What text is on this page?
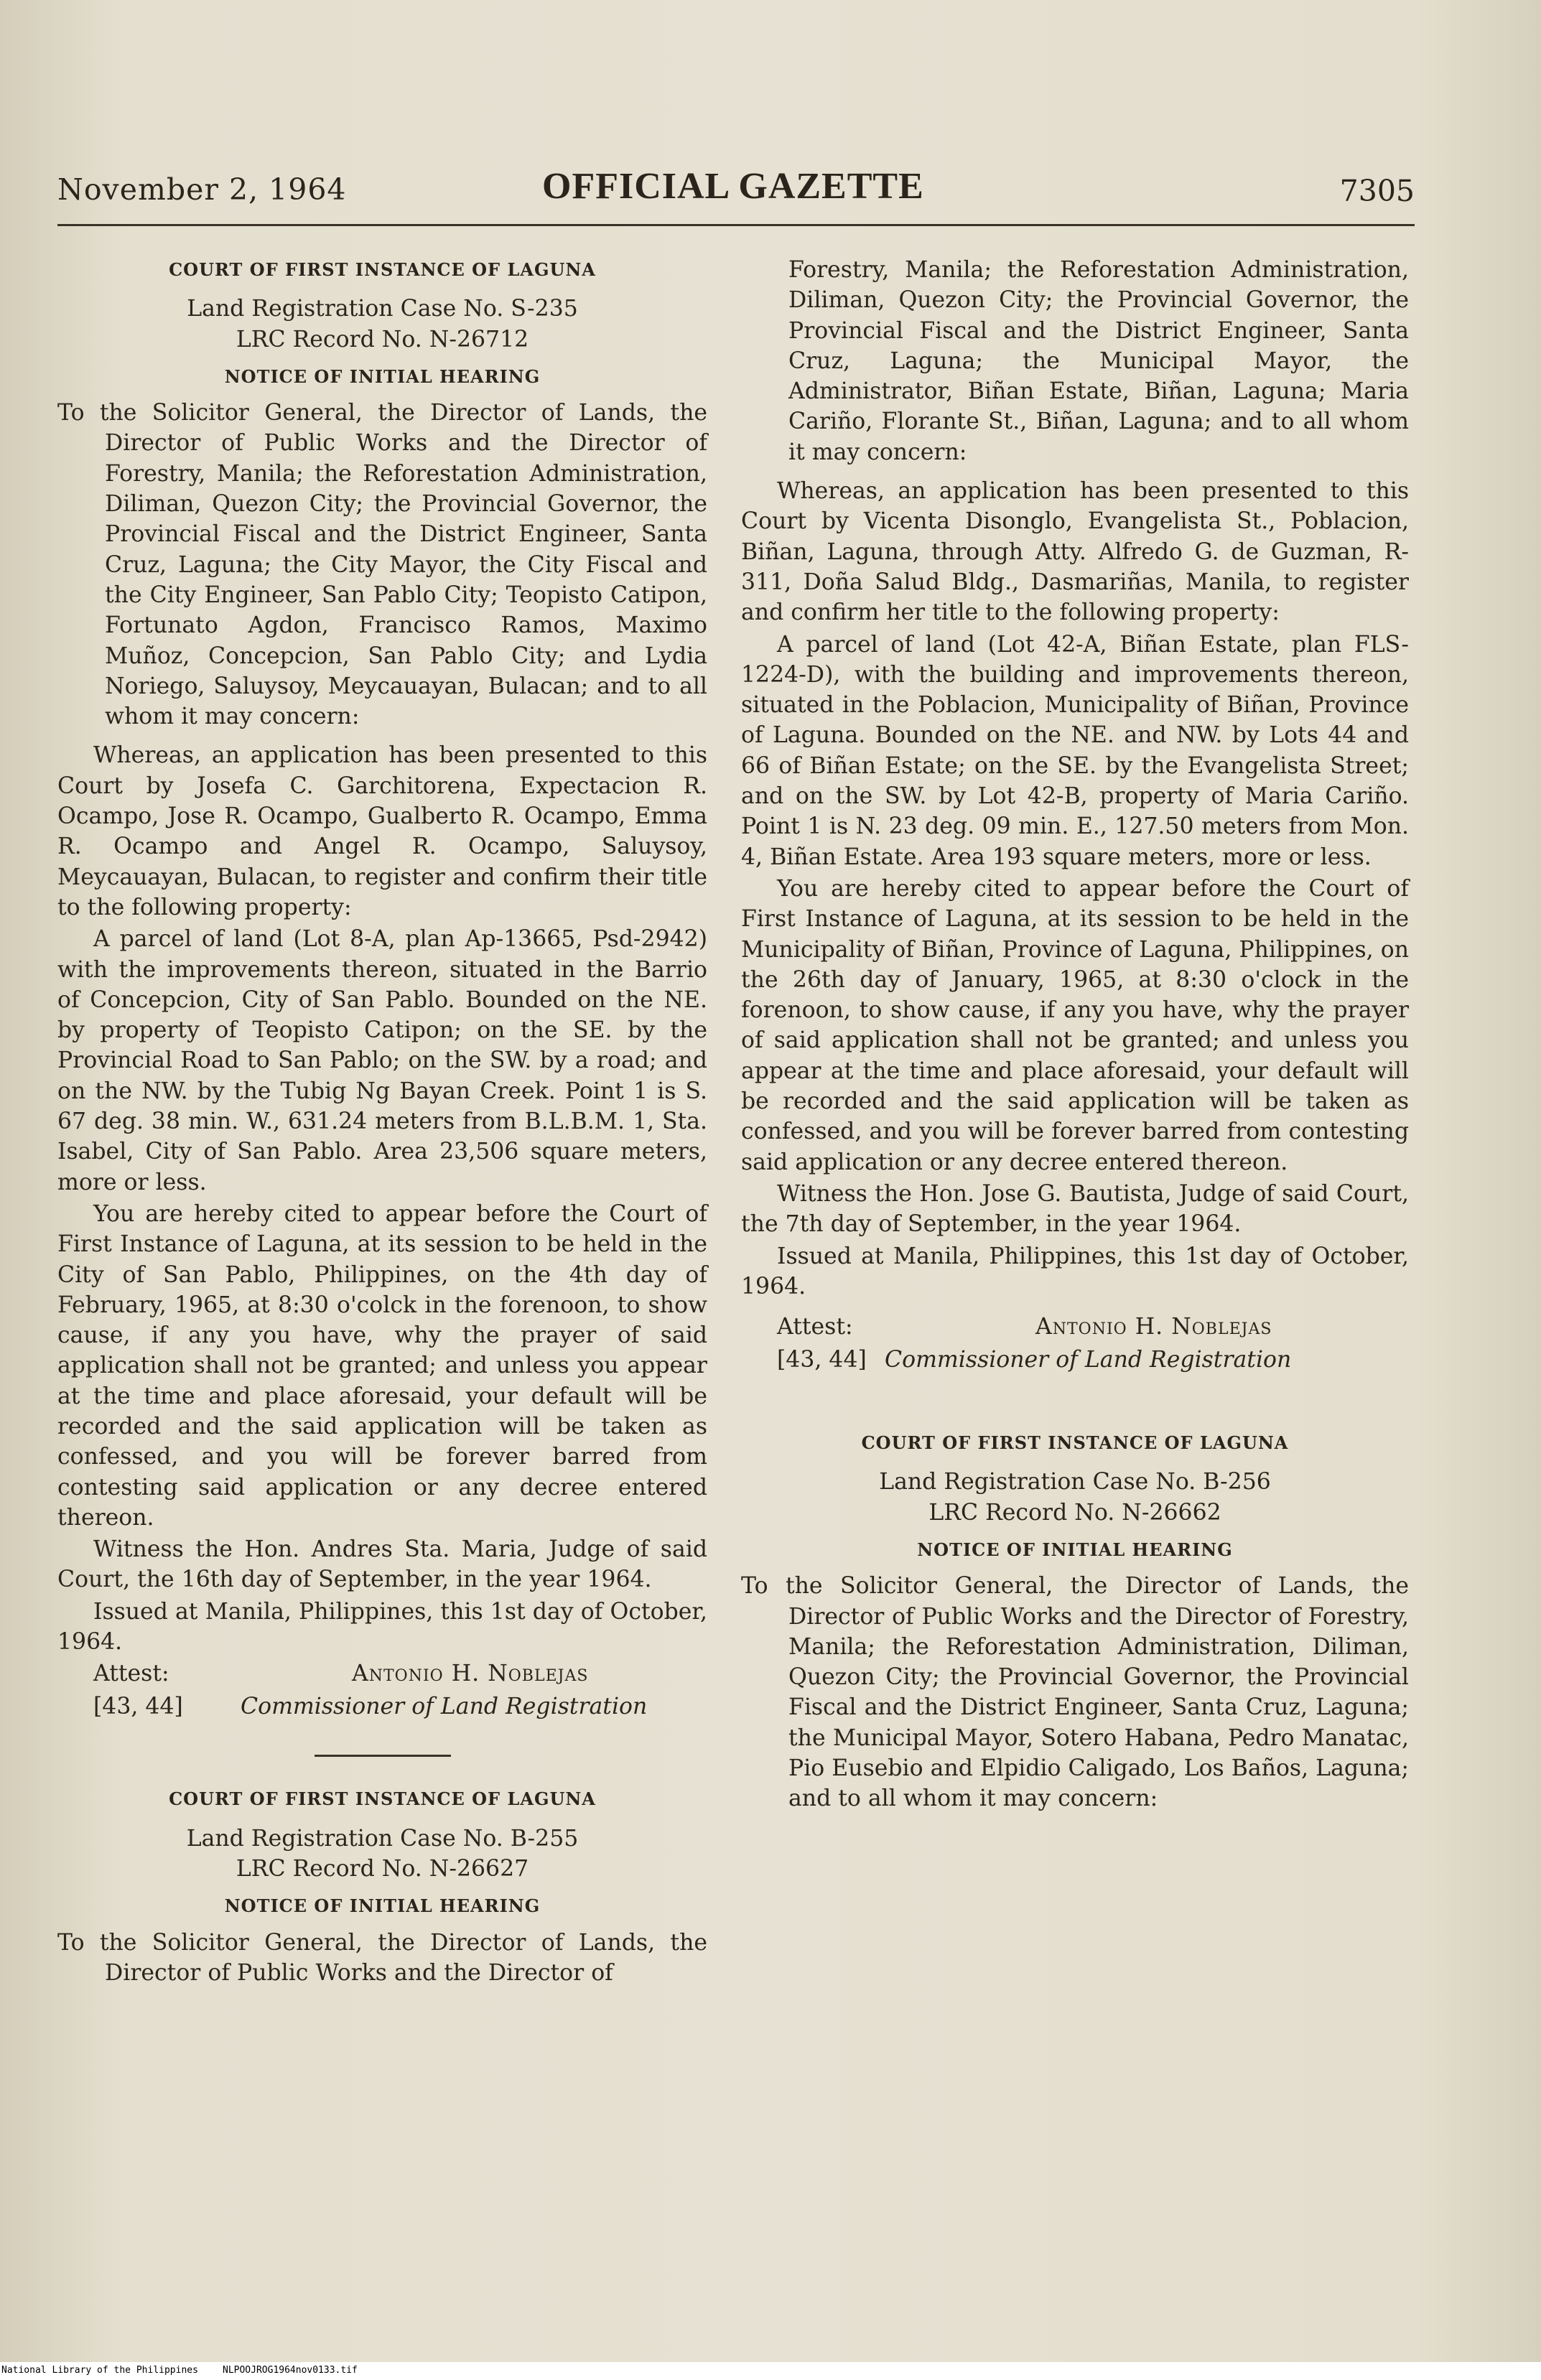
November 2, 1964	OFFICIAL GAZETTE	7305
COURT OF FIRST INSTANCE OF LAGUNA
Land Registration Case No. S-235
LRC Record No. N-26712
NOTICE OF INITIAL HEARING

To the Solicitor General, the Director of Lands, the Director of Public Works and the Director of Forestry, Manila; the Reforestation Administration, Diliman, Quezon City; the Provincial Governor, the Provincial Fiscal and the District Engineer, Santa Cruz, Laguna; the City Mayor, the City Fiscal and the City Engineer, San Pablo City; Teopisto Catipon, Fortunato Agdon, Francisco Ramos, Maximo Muñoz, Concepcion, San Pablo City; and Lydia Noriego, Saluysoy, Meycauayan, Bulacan; and to all whom it may concern:

Whereas, an application has been presented to this Court by Josefa C. Garchitorena, Expectacion R. Ocampo, Jose R. Ocampo, Gualberto R. Ocampo, Emma R. Ocampo and Angel R. Ocampo, Saluysoy, Meycauayan, Bulacan, to register and confirm their title to the following property:

A parcel of land (Lot 8-A, plan Ap-13665, Psd-2942) with the improvements thereon, situated in the Barrio of Concepcion, City of San Pablo. Bounded on the NE. by property of Teopisto Catipon; on the SE. by the Provincial Road to San Pablo; on the SW. by a road; and on the NW. by the Tubig Ng Bayan Creek. Point 1 is S. 67 deg. 38 min. W., 631.24 meters from B.L.B.M. 1, Sta. Isabel, City of San Pablo. Area 23,506 square meters, more or less.

You are hereby cited to appear before the Court of First Instance of Laguna, at its session to be held in the City of San Pablo, Philippines, on the 4th day of February, 1965, at 8:30 o'colck in the forenoon, to show cause, if any you have, why the prayer of said application shall not be granted; and unless you appear at the time and place aforesaid, your default will be recorded and the said application will be taken as confessed, and you will be forever barred from contesting said application or any decree entered thereon.

Witness the Hon. Andres Sta. Maria, Judge of said Court, the 16th day of September, in the year 1964.

Issued at Manila, Philippines, this 1st day of October, 1964.

Attest:	Antonio H. Noblejas
[43, 44]	Commissioner of Land Registration
COURT OF FIRST INSTANCE OF LAGUNA
Land Registration Case No. B-255
LRC Record No. N-26627
NOTICE OF INITIAL HEARING

To the Solicitor General, the Director of Lands, the Director of Public Works and the Director of

Forestry, Manila; the Reforestation Administration, Diliman, Quezon City; the Provincial Governor, the Provincial Fiscal and the District Engineer, Santa Cruz, Laguna; the Municipal Mayor, the Administrator, Biñan Estate, Biñan, Laguna; Maria Cariño, Florante St., Biñan, Laguna; and to all whom it may concern:

Whereas, an application has been presented to this Court by Vicenta Disonglo, Evangelista St., Poblacion, Biñan, Laguna, through Atty. Alfredo G. de Guzman, R-311, Doña Salud Bldg., Dasmariñas, Manila, to register and confirm her title to the following property:

A parcel of land (Lot 42-A, Biñan Estate, plan FLS-1224-D), with the building and improvements thereon, situated in the Poblacion, Municipality of Biñan, Province of Laguna. Bounded on the NE. and NW. by Lots 44 and 66 of Biñan Estate; on the SE. by the Evangelista Street; and on the SW. by Lot 42-B, property of Maria Cariño. Point 1 is N. 23 deg. 09 min. E., 127.50 meters from Mon. 4, Biñan Estate. Area 193 square meters, more or less.

You are hereby cited to appear before the Court of First Instance of Laguna, at its session to be held in the Municipality of Biñan, Province of Laguna, Philippines, on the 26th day of January, 1965, at 8:30 o'clock in the forenoon, to show cause, if any you have, why the prayer of said application shall not be granted; and unless you appear at the time and place aforesaid, your default will be recorded and the said application will be taken as confessed, and you will be forever barred from contesting said application or any decree entered thereon.

Witness the Hon. Jose G. Bautista, Judge of said Court, the 7th day of September, in the year 1964.

Issued at Manila, Philippines, this 1st day of October, 1964.

Attest:	Antonio H. Noblejas
[43, 44] Commissioner of Land Registration
COURT OF FIRST INSTANCE OF LAGUNA
Land Registration Case No. B-256
LRC Record No. N-26662
NOTICE OF INITIAL HEARING

To the Solicitor General, the Director of Lands, the Director of Public Works and the Director of Forestry, Manila; the Reforestation Administration, Diliman, Quezon City; the Provincial Governor, the Provincial Fiscal and the District Engineer, Santa Cruz, Laguna; the Municipal Mayor, Sotero Habana, Pedro Manatac, Pio Eusebio and Elpidio Caligado, Los Baños, Laguna; and to all whom it may concern:

National Library of the Philippines	NLPOOJROG1964nov0133.tif
